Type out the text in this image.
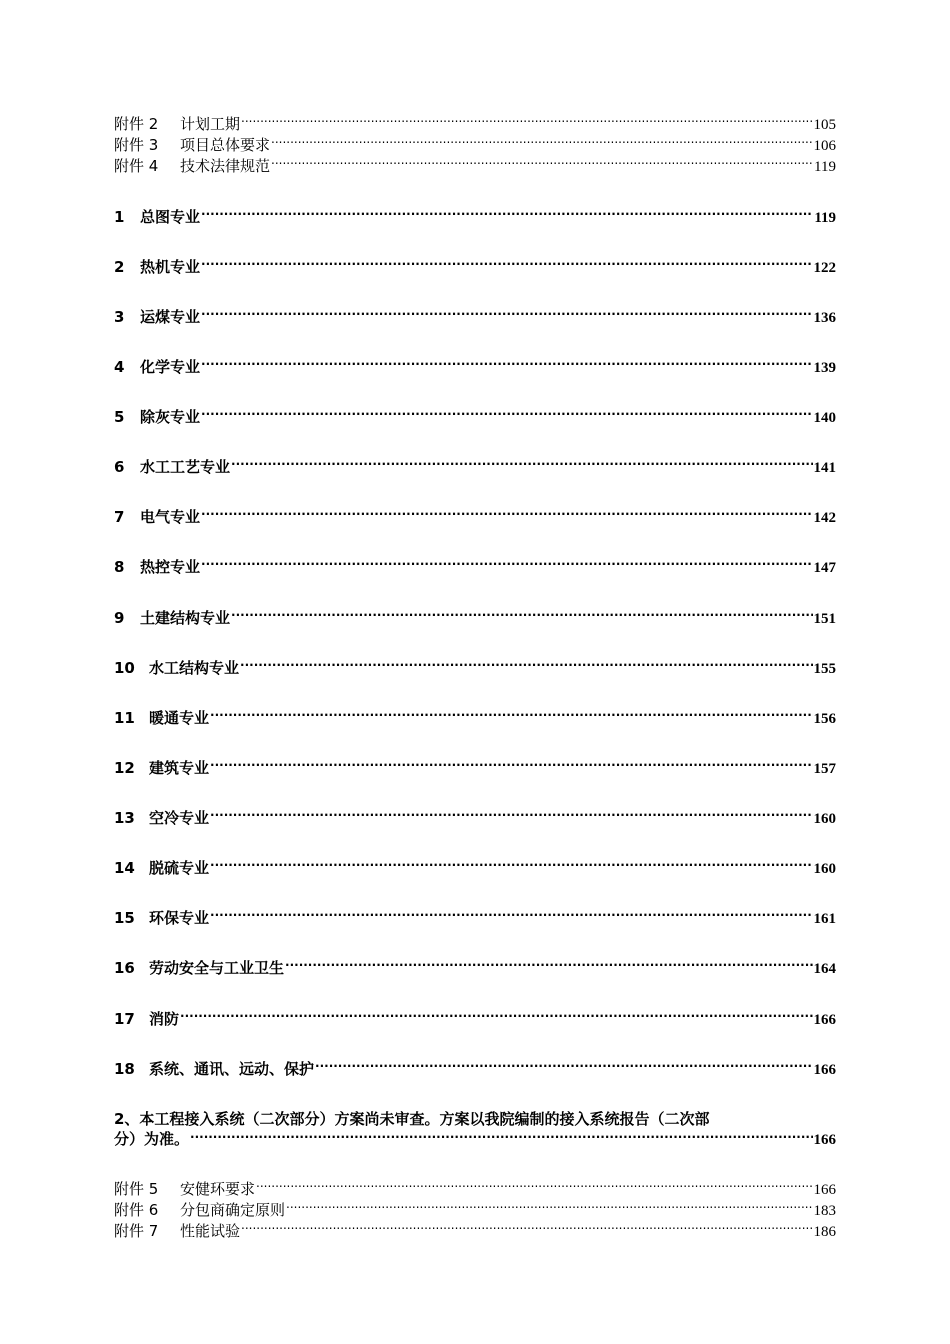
附件 2	计划工期 .....	105
附件 3	项目总体要求 .....	106
附件 4	技术法律规范 .....	119
1	总图专业 .....	119
2	热机专业 .....	122
3	运煤专业 .....	136
4	化学专业 .....	139
5	除灰专业 .....	140
6	水工工艺专业 .....	141
7	电气专业 .....	142
8	热控专业 .....	147
9	土建结构专业 .....	151
10 水工结构专业 .....	155
11 暖通专业 .....	156
12 建筑专业 .....	157
13 空冷专业 .....	160
14 脱硫专业 .....	160
15 环保专业 .....	161
16 劳动安全与工业卫生 .....	164
17 消防 .....	166
18 系统、通讯、远动、保护 .....	166
2、本工程接入系统（二次部分）方案尚未审查。方案以我院编制的接入系统报告（二次部
分）为准。 .....	166
附件 5	安健环要求 .....	166
附件 6	分包商确定原则 .....	183
附件 7	性能试验 .....	186
